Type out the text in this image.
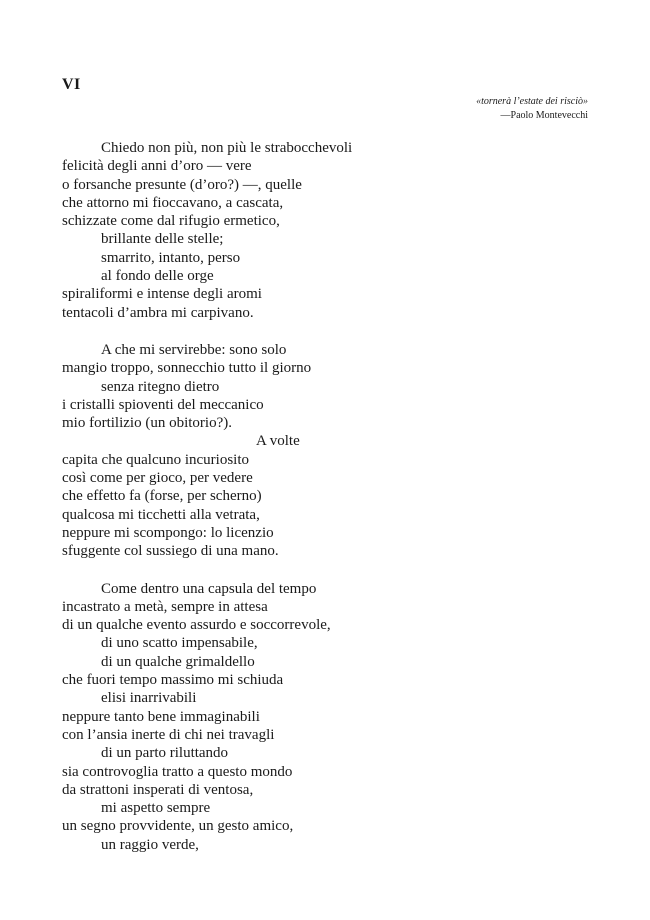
VI
«tornerà l’estate dei risciò»
—Paolo Montevecchi
Chiedo non più, non più le strabocchevoli
felicità degli anni d’oro — vere
o forsanche presunte (d’oro?) —, quelle
che attorno mi fioccavano, a cascata,
schizzate come dal rifugio ermetico,
brillante delle stelle;
smarrito, intanto, perso
al fondo delle orge
spiraliformi e intense degli aromi
tentacoli d’ambra mi carpivano.
A che mi servirebbe: sono solo
mangio troppo, sonnecchio tutto il giorno
senza ritegno dietro
i cristalli spioventi del meccanico
mio fortilizio (un obitorio?).
A volte
capita che qualcuno incuriosito
così come per gioco, per vedere
che effetto fa (forse, per scherno)
qualcosa mi ticchetti alla vetrata,
neppure mi scompongo: lo licenzio
sfuggente col sussiego di una mano.
Come dentro una capsula del tempo
incastrato a metà, sempre in attesa
di un qualche evento assurdo e soccorrevole,
di uno scatto impensabile,
di un qualche grimaldello
che fuori tempo massimo mi schiuda
elisi inarrivabili
neppure tanto bene immaginabili
con l’ansia inerte di chi nei travagli
di un parto riluttando
sia controvoglia tratto a questo mondo
da strattoni insperati di ventosa,
mi aspetto sempre
un segno provvidente, un gesto amico,
un raggio verde,
